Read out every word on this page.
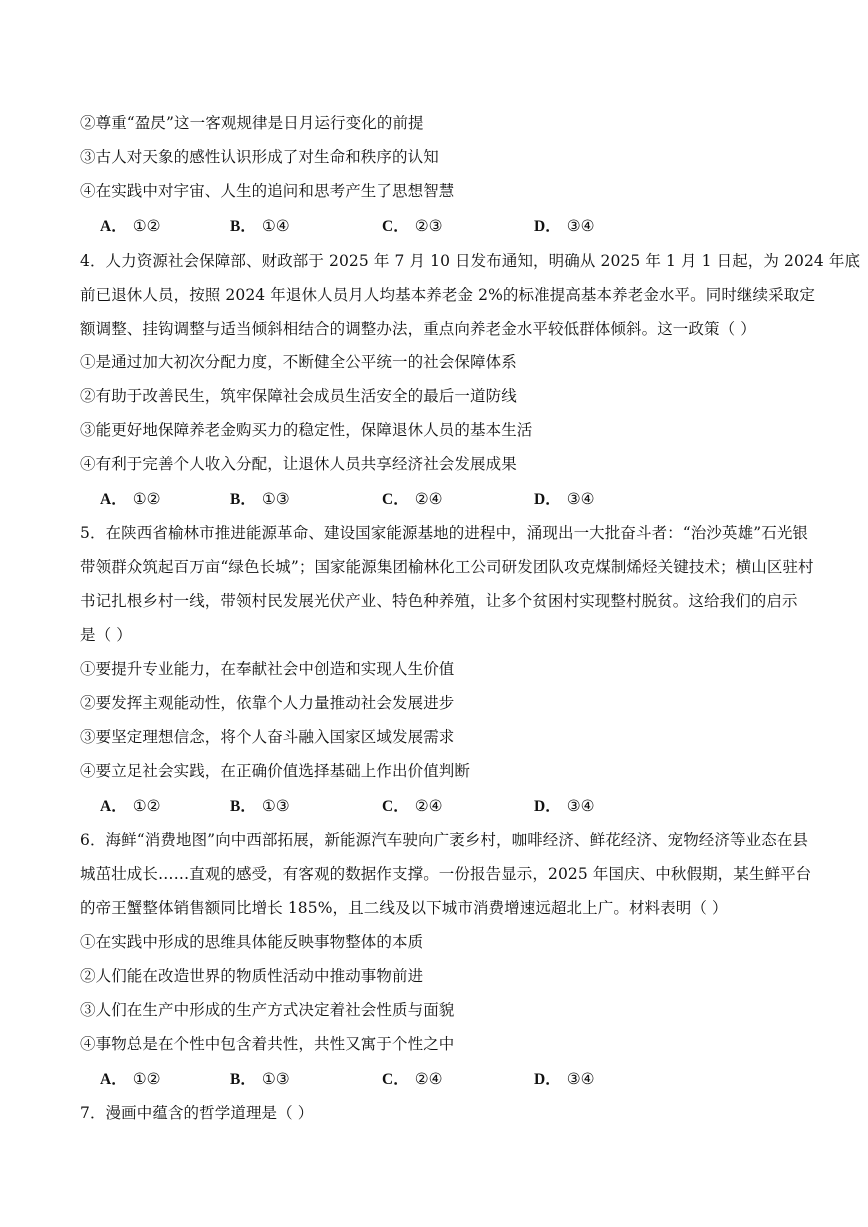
②尊重“盈昃”这一客观规律是日月运行变化的前提
③古人对天象的感性认识形成了对生命和秩序的认知
④在实践中对宇宙、人生的追问和思考产生了思想智慧
A． ①②	B． ①④	C． ②③	D． ③④
4．人力资源社会保障部、财政部于 2025 年 7 月 10 日发布通知，明确从 2025 年 1 月 1 日起，为 2024 年底
前已退休人员，按照 2024 年退休人员月人均基本养老金 2%的标准提高基本养老金水平。同时继续采取定
额调整、挂钩调整与适当倾斜相结合的调整办法，重点向养老金水平较低群体倾斜。这一政策（ ）
①是通过加大初次分配力度，不断健全公平统一的社会保障体系
②有助于改善民生，筑牢保障社会成员生活安全的最后一道防线
③能更好地保障养老金购买力的稳定性，保障退休人员的基本生活
④有利于完善个人收入分配，让退休人员共享经济社会发展成果
A． ①②	B． ①③	C． ②④	D． ③④
5．在陕西省榆林市推进能源革命、建设国家能源基地的进程中，涌现出一大批奋斗者：“治沙英雄”石光银
带领群众筑起百万亩“绿色长城”；国家能源集团榆林化工公司研发团队攻克煤制烯烃关键技术；横山区驻村
书记扎根乡村一线，带领村民发展光伏产业、特色种养殖，让多个贫困村实现整村脱贫。这给我们的启示
是（ ）
①要提升专业能力，在奉献社会中创造和实现人生价值
②要发挥主观能动性，依靠个人力量推动社会发展进步
③要坚定理想信念，将个人奋斗融入国家区域发展需求
④要立足社会实践，在正确价值选择基础上作出价值判断
A． ①②	B． ①③	C． ②④	D． ③④
6．海鲜“消费地图”向中西部拓展，新能源汽车驶向广袤乡村，咖啡经济、鲜花经济、宠物经济等业态在县
城茁壮成长……直观的感受，有客观的数据作支撑。一份报告显示，2025 年国庆、中秋假期，某生鲜平台
的帝王蟹整体销售额同比增长 185%，且二线及以下城市消费增速远超北上广。材料表明（ ）
①在实践中形成的思维具体能反映事物整体的本质
②人们能在改造世界的物质性活动中推动事物前进
③人们在生产中形成的生产方式决定着社会性质与面貌
④事物总是在个性中包含着共性，共性又寓于个性之中
A． ①②	B． ①③	C． ②④	D． ③④
7．漫画中蕴含的哲学道理是（ ）
